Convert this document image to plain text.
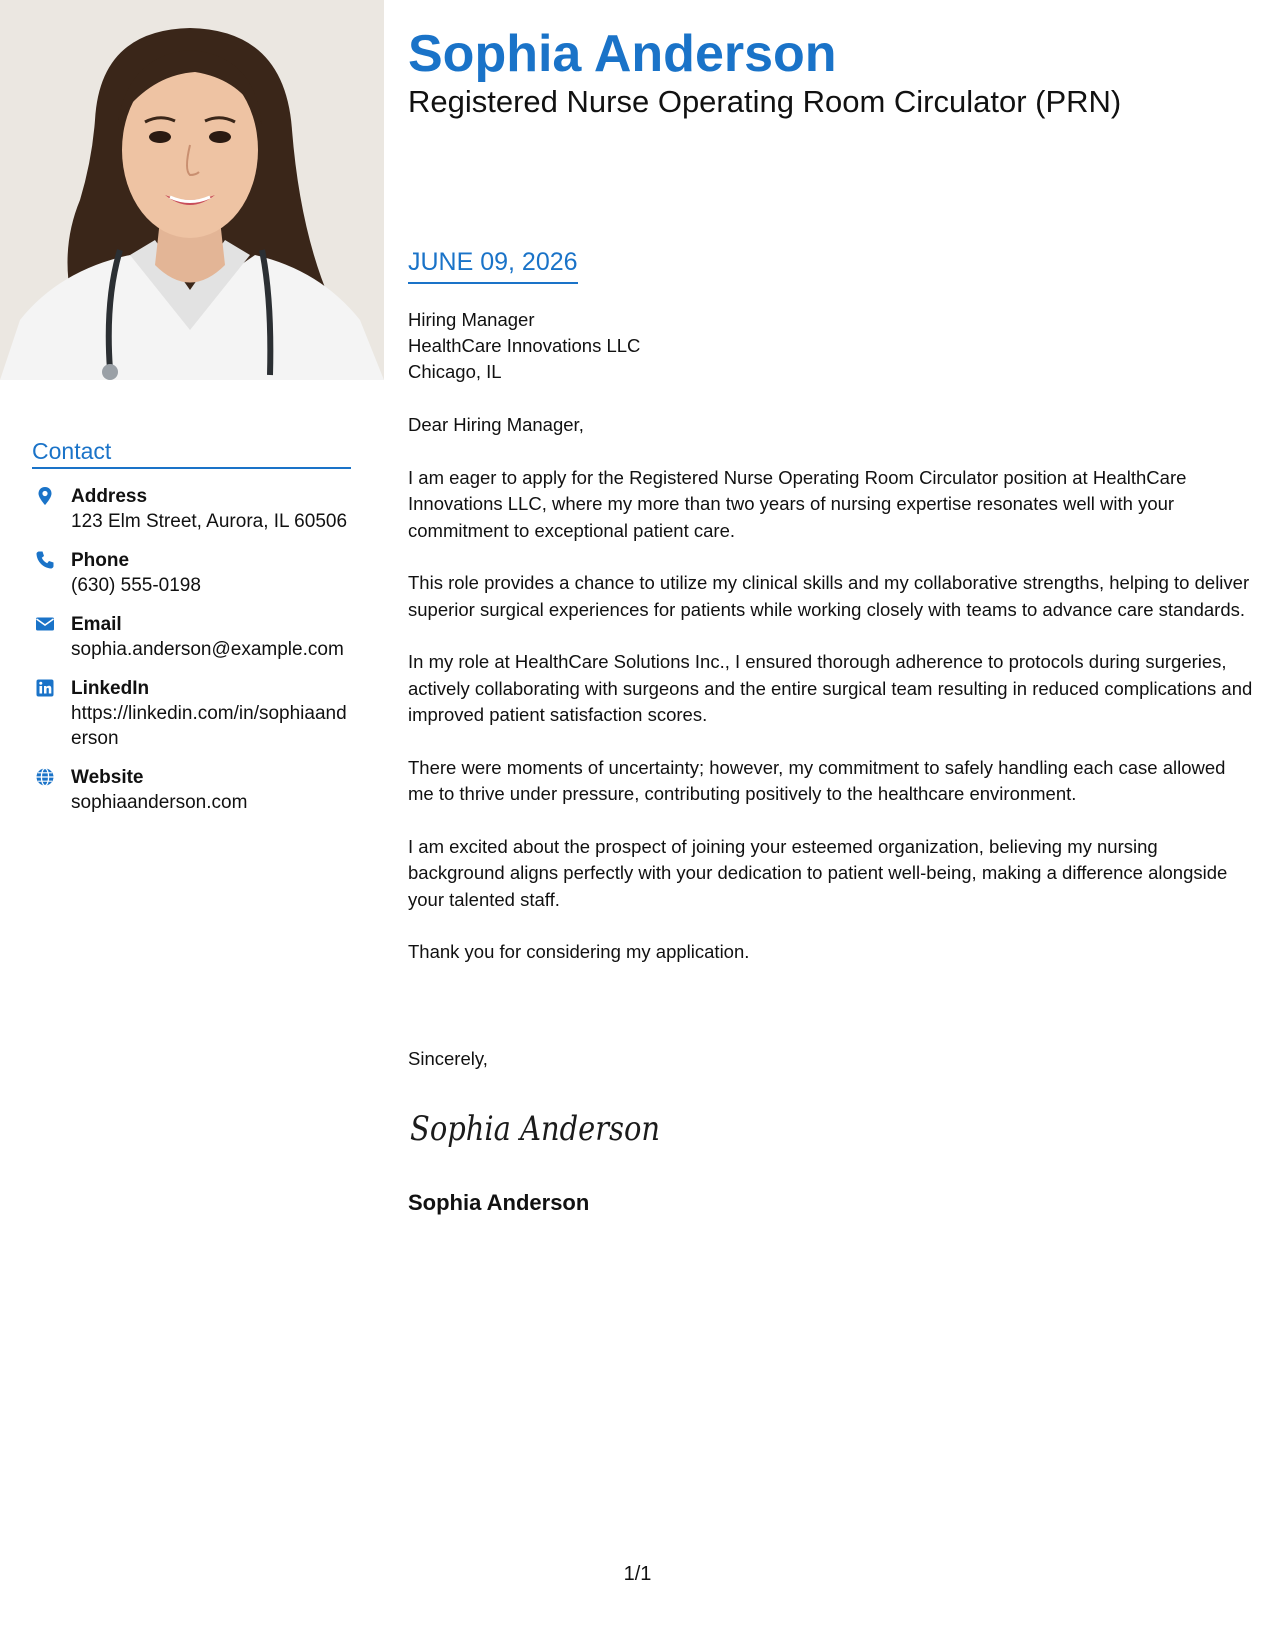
Contact
Address
123 Elm Street, Aurora, IL 60506
Phone
(630) 555-0198
Email
sophia.anderson@example.com
LinkedIn
https://linkedin.com/in/sophiaanderson
Website
sophiaanderson.com
Sophia Anderson
Registered Nurse Operating Room Circulator (PRN)
JUNE 09, 2026
Hiring Manager
HealthCare Innovations LLC
Chicago, IL

Dear Hiring Manager,

I am eager to apply for the Registered Nurse Operating Room Circulator position at HealthCare Innovations LLC, where my more than two years of nursing expertise resonates well with your commitment to exceptional patient care.

This role provides a chance to utilize my clinical skills and my collaborative strengths, helping to deliver superior surgical experiences for patients while working closely with teams to advance care standards.

In my role at HealthCare Solutions Inc., I ensured thorough adherence to protocols during surgeries, actively collaborating with surgeons and the entire surgical team resulting in reduced complications and improved patient satisfaction scores.

There were moments of uncertainty; however, my commitment to safely handling each case allowed me to thrive under pressure, contributing positively to the healthcare environment.

I am excited about the prospect of joining your esteemed organization, believing my nursing background aligns perfectly with your dedication to patient well-being, making a difference alongside your talented staff.

Thank you for considering my application.

Sincerely,
Sophia Anderson
Sophia Anderson
1/1
